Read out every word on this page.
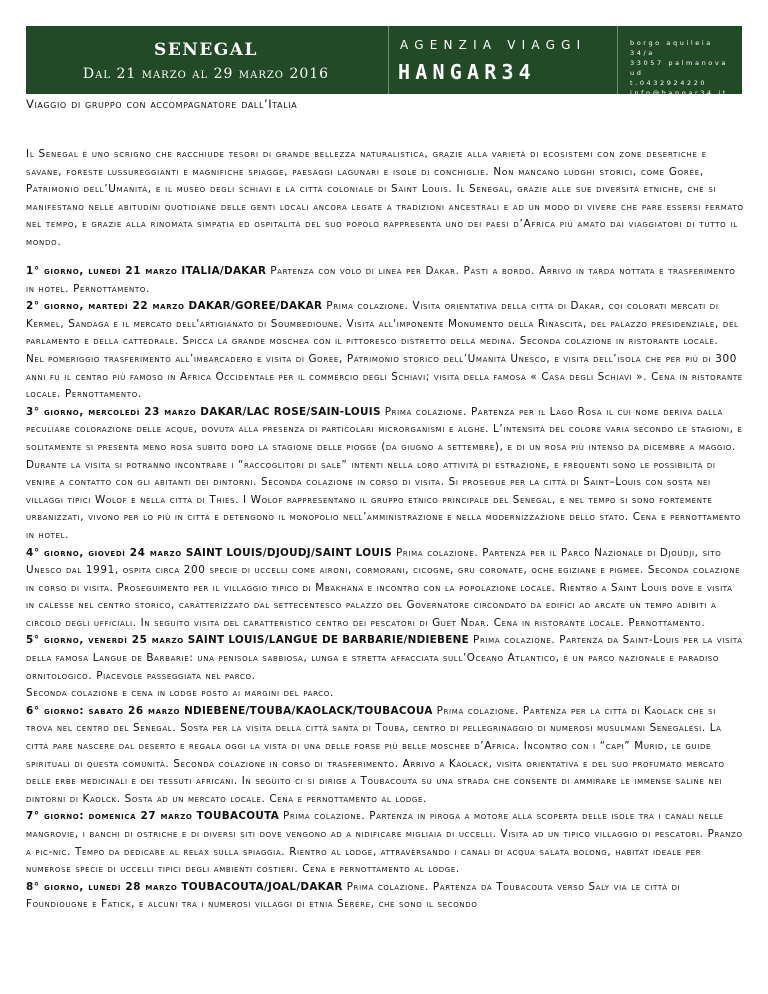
SENEGAL
Dal 21 marzo al 29 marzo 2016
AGENZIA VIAGGI
HANGAR34
borgo aquileia 34/a
33057 palmanova ud
t.0432924220
info@hangar34.it
Viaggio di gruppo con accompagnatore dall’Italia

Il Senegal è uno scrigno che racchiude tesori di grande bellezza naturalistica, grazie alla varietà di ecosistemi con zone desertiche e savane, foreste lussureggianti e magnifiche spiagge, paesaggi lagunari e isole di conchiglie. Non mancano luoghi storici, come Gorée, Patrimonio dell’Umanità, e il museo degli schiavi e la città coloniale di Saint Louis. Il Senegal, grazie alle sue diversità etniche, che si manifestano nelle abitudini quotidiane delle genti locali ancora legate a tradizioni ancestrali e ad un modo di vivere che pare essersi fermato nel tempo, e grazie alla rinomata simpatia ed ospitalità del suo popolo rappresenta uno dei paesi d’Africa più amato dai viaggiatori di tutto il mondo.

1° giorno, lunedì 21 marzo ITALIA/DAKAR Partenza con volo di linea per Dakar. Pasti a bordo. Arrivo in tarda nottata e trasferimento in hotel. Pernottamento.

2° giorno, martedì 22 marzo DAKAR/GOREE/DAKAR Prima colazione. Visita orientativa della città di Dakar, coi colorati mercati di Kermel, Sandaga e il mercato dell'artigianato di Soumbedioune. Visita all'imponente Monumento della Rinascita, del palazzo presidenziale, del parlamento e della cattedrale. Spicca la grande moschea con il pittoresco distretto della medina. Seconda colazione in ristorante locale.

Nel pomeriggio trasferimento all’imbarcadero e visita di Goree, Patrimonio storico dell’Umanità Unesco, e visita dell’isola che per più di 300 anni fu il centro più famoso in Africa Occidentale per il commercio degli Schiavi; visita della famosa « Casa degli Schiavi ». Cena in ristorante locale. Pernottamento.

3° giorno, mercoledì 23 marzo DAKAR/LAC ROSE/SAIN-LOUIS Prima colazione. Partenza per il Lago Rosa il cui nome deriva dalla peculiare colorazione delle acque, dovuta alla presenza di particolari microrganismi e alghe. L’intensità del colore varia secondo le stagioni, e solitamente si presenta meno rosa subito dopo la stagione delle piogge (da giugno a settembre), e di un rosa più intenso da dicembre a maggio.

Durante la visita si potranno incontrare i “raccoglitori di sale” intenti nella loro attività di estrazione, e frequenti sono le possibilità di venire a contatto con gli abitanti dei dintorni. Seconda colazione in corso di visita. Si prosegue per la città di Saint–Louis con sosta nei villaggi tipici Wolof e nella città di Thies. I Wolof rappresentano il gruppo etnico principale del Senegal, e nel tempo si sono fortemente urbanizzati, vivono per lo più in città e detengono il monopolio nell’amministrazione e nella modernizzazione dello stato. Cena e pernottamento in hotel.

4° giorno, giovedì 24 marzo SAINT LOUIS/DJOUDJ/SAINT LOUIS Prima colazione. Partenza per il Parco Nazionale di Djoudji, sito Unesco dal 1991, ospita circa 200 specie di uccelli come aironi, cormorani, cicogne, gru coronate, oche egiziane e pigmee. Seconda colazione in corso di visita. Proseguimento per il villaggio tipico di Mbakhana e incontro con la popolazione locale. Rientro a Saint Louis dove e visita in calesse nel centro storico, caratterizzato dal settecentesco palazzo del Governatore circondato da edifici ad arcate un tempo adibiti a circolo degli ufficiali. In seguito visita del caratteristico centro dei pescatori di Guet Ndar. Cena in ristorante locale. Pernottamento.

5° giorno, venerdì 25 marzo SAINT LOUIS/LANGUE DE BARBARIE/NDIEBENE Prima colazione. Partenza da Saint-Louis per la visita della famosa Langue de Barbarie: una penisola sabbiosa, lunga e stretta affacciata sull’Oceano Atlantico, è un parco nazionale e paradiso ornitologico. Piacevole passeggiata nel parco.

Seconda colazione e cena in lodge posto ai margini del parco.

6° giorno: sabato 26 marzo NDIEBENE/TOUBA/KAOLACK/TOUBACOUA Prima colazione. Partenza per la citta di Kaolack che si trova nel centro del Senegal. Sosta per la visita della città santa di Touba, centro di pellegrinaggio di numerosi musulmani Senegalesi. La città pare nascere dal deserto e regala oggi la vista di una delle forse più belle moschee d’Africa. Incontro con i “capi” Murid, le guide spirituali di questa comunità. Seconda colazione in corso di trasferimento. Arrivo a Kaolack, visita orientativa e del suo profumato mercato delle erbe medicinali e dei tessuti africani. In seguito ci si dirige a Toubacouta su una strada che consente di ammirare le immense saline nei dintorni di Kaolck. Sosta ad un mercato locale. Cena e pernottamento al lodge.

7° giorno: domenica 27 marzo TOUBACOUTA Prima colazione. Partenza in piroga a motore alla scoperta delle isole tra i canali nelle mangrovie, i banchi di ostriche e di diversi siti dove vengono ad a nidificare migliaia di uccelli. Visita ad un tipico villaggio di pescatori. Pranzo a pic-nic. Tempo da dedicare al relax sulla spiaggia. Rientro al lodge, attraversando i canali di acqua salata bolong, habitat ideale per numerose specie di uccelli tipici degli ambienti costieri. Cena e pernottamento al lodge.

8° giorno, lunedì 28 marzo TOUBACOUTA/JOAL/DAKAR Prima colazione. Partenza da Toubacouta verso Saly via le città di Foundiougne e Fatick, e alcuni tra i numerosi villaggi di etnia Sérère, che sono il secondo
